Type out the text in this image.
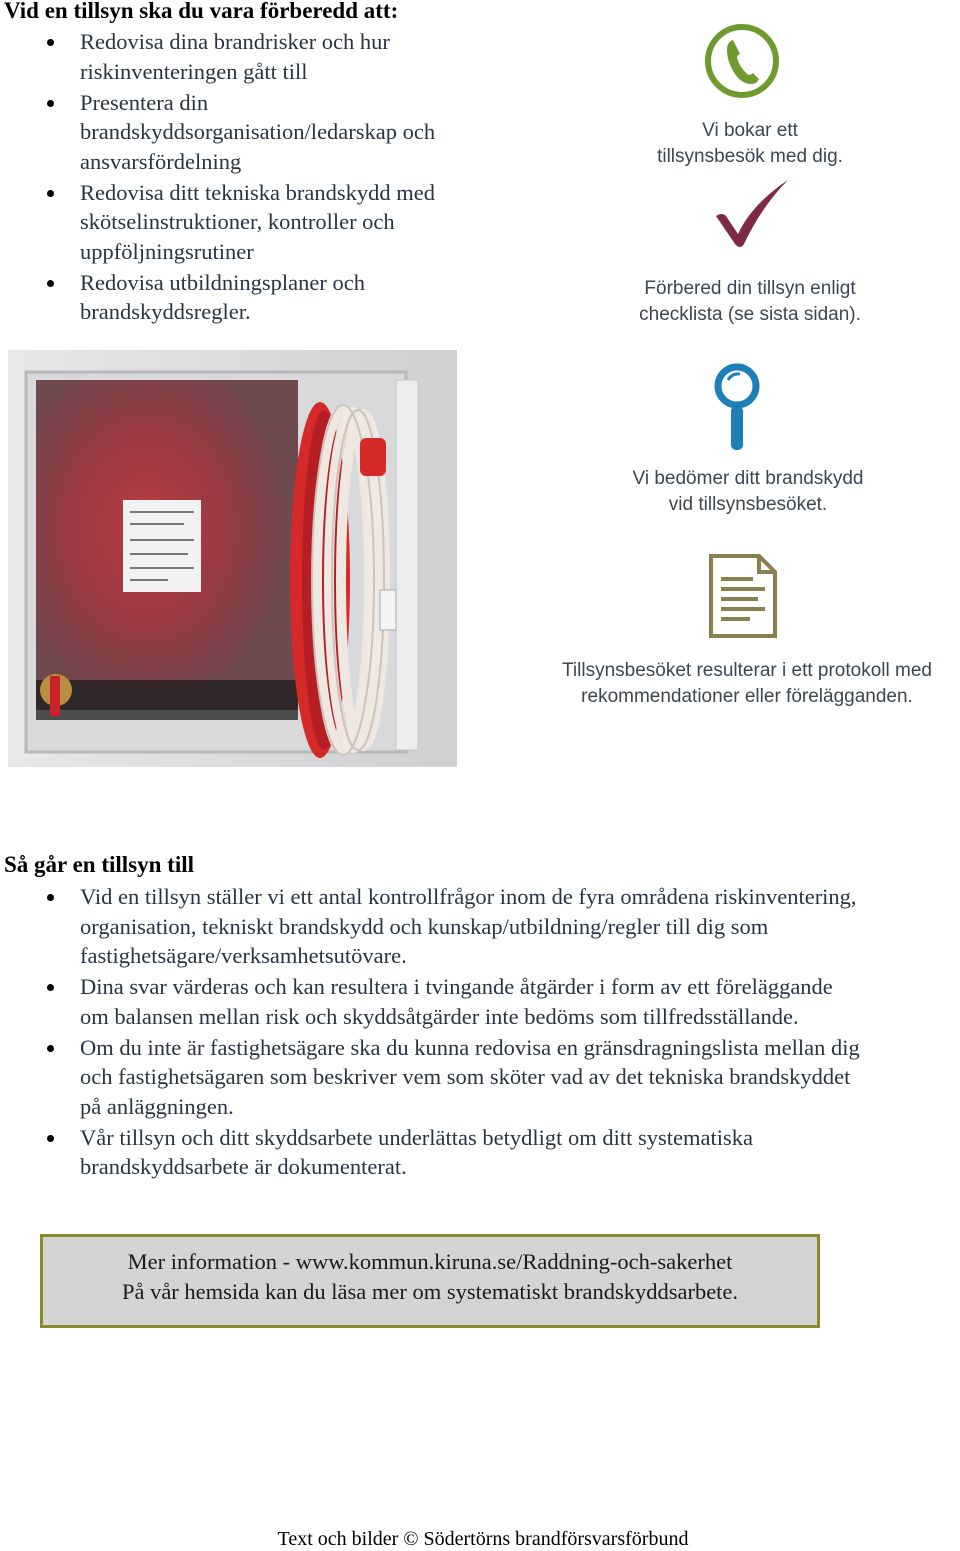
Vid en tillsyn ska du vara förberedd att:
Redovisa dina brandrisker och hur
riskinventeringen gått till
Presentera din
brandskyddsorganisation/ledarskap och
ansvarsfördelning
Redovisa ditt tekniska brandskydd med
skötselinstruktioner, kontroller och
uppföljningsrutiner
Redovisa utbildningsplaner och
brandskyddsregler.
Vi bokar ett
tillsynsbesök med dig.
Förbered din tillsyn enligt
checklista (se sista sidan).
Vi bedömer ditt brandskydd
vid tillsynsbesöket.
Tillsynsbesöket resulterar i ett protokoll med
rekommendationer eller förelägganden.
Så går en tillsyn till
Vid en tillsyn ställer vi ett antal kontrollfrågor inom de fyra områdena riskinventering,
organisation, tekniskt brandskydd och kunskap/utbildning/regler till dig som
fastighetsägare/verksamhetsutövare.
Dina svar värderas och kan resultera i tvingande åtgärder i form av ett föreläggande
om balansen mellan risk och skyddsåtgärder inte bedöms som tillfredsställande.
Om du inte är fastighetsägare ska du kunna redovisa en gränsdragningslista mellan dig
och fastighetsägaren som beskriver vem som sköter vad av det tekniska brandskyddet
på anläggningen.
Vår tillsyn och ditt skyddsarbete underlättas betydligt om ditt systematiska
brandskyddsarbete är dokumenterat.
Mer information - www.kommun.kiruna.se/Raddning-och-sakerhet
På vår hemsida kan du läsa mer om systematiskt brandskyddsarbete.
Text och bilder © Södertörns brandförsvarsförbund
